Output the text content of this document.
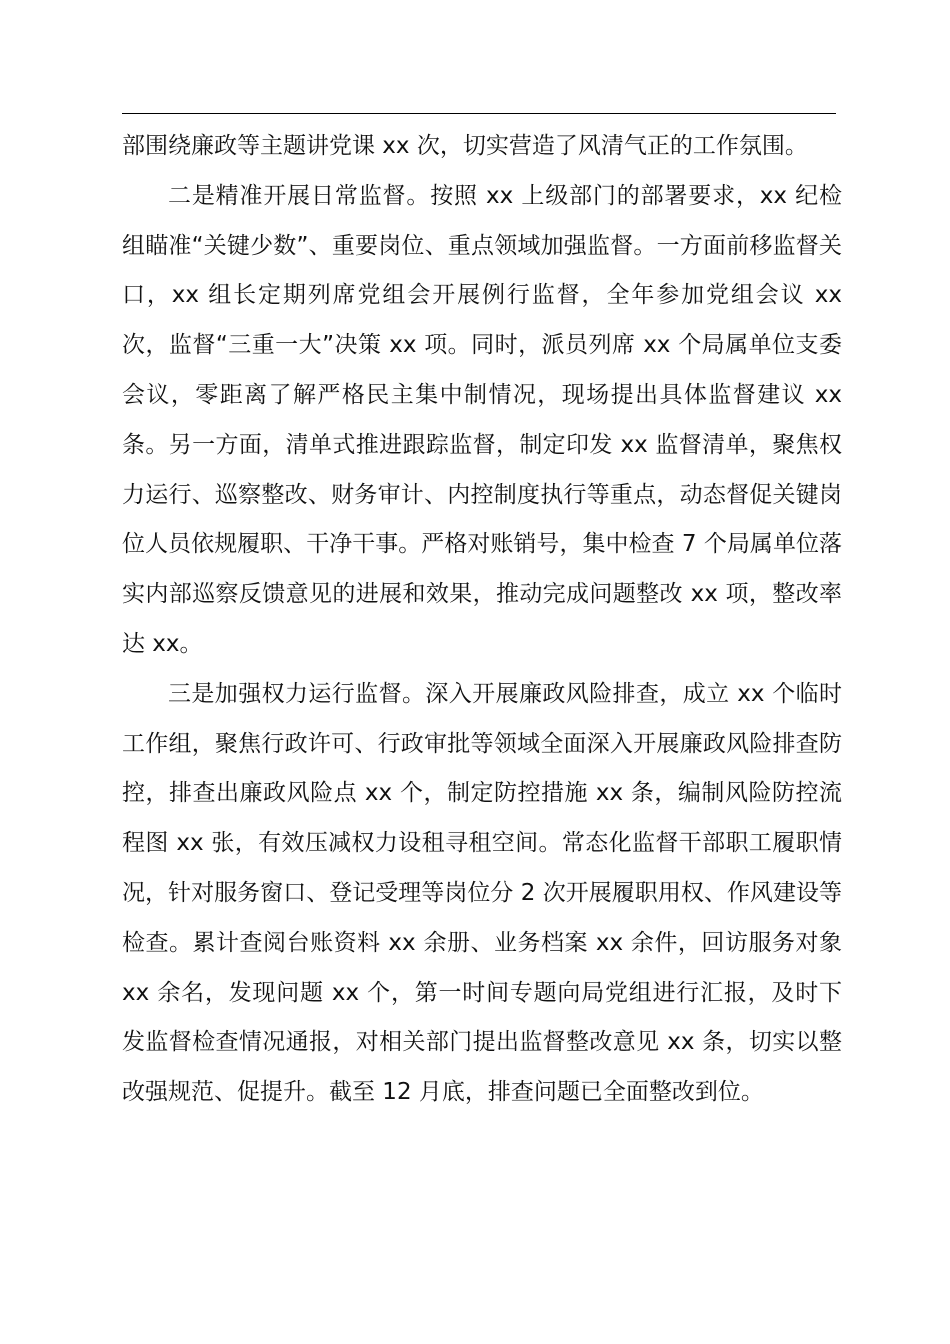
部围绕廉政等主题讲党课 xx 次，切实营造了风清气正的工作氛围。

二是精准开展日常监督。按照 xx 上级部门的部署要求，xx 纪检组瞄准“关键少数”、重要岗位、重点领域加强监督。一方面前移监督关口，xx 组长定期列席党组会开展例行监督，全年参加党组会议 xx 次，监督“三重一大”决策 xx 项。同时，派员列席 xx 个局属单位支委会议，零距离了解严格民主集中制情况，现场提出具体监督建议 xx 条。另一方面，清单式推进跟踪监督，制定印发 xx 监督清单，聚焦权力运行、巡察整改、财务审计、内控制度执行等重点，动态督促关键岗位人员依规履职、干净干事。严格对账销号，集中检查 7 个局属单位落实内部巡察反馈意见的进展和效果，推动完成问题整改 xx 项，整改率达 xx。

三是加强权力运行监督。深入开展廉政风险排查，成立 xx 个临时工作组，聚焦行政许可、行政审批等领域全面深入开展廉政风险排查防控，排查出廉政风险点 xx 个，制定防控措施 xx 条，编制风险防控流程图 xx 张，有效压减权力设租寻租空间。常态化监督干部职工履职情况，针对服务窗口、登记受理等岗位分 2 次开展履职用权、作风建设等检查。累计查阅台账资料 xx 余册、业务档案 xx 余件，回访服务对象 xx 余名，发现问题 xx 个，第一时间专题向局党组进行汇报，及时下发监督检查情况通报，对相关部门提出监督整改意见 xx 条，切实以整改强规范、促提升。截至 12 月底，排查问题已全面整改到位。
